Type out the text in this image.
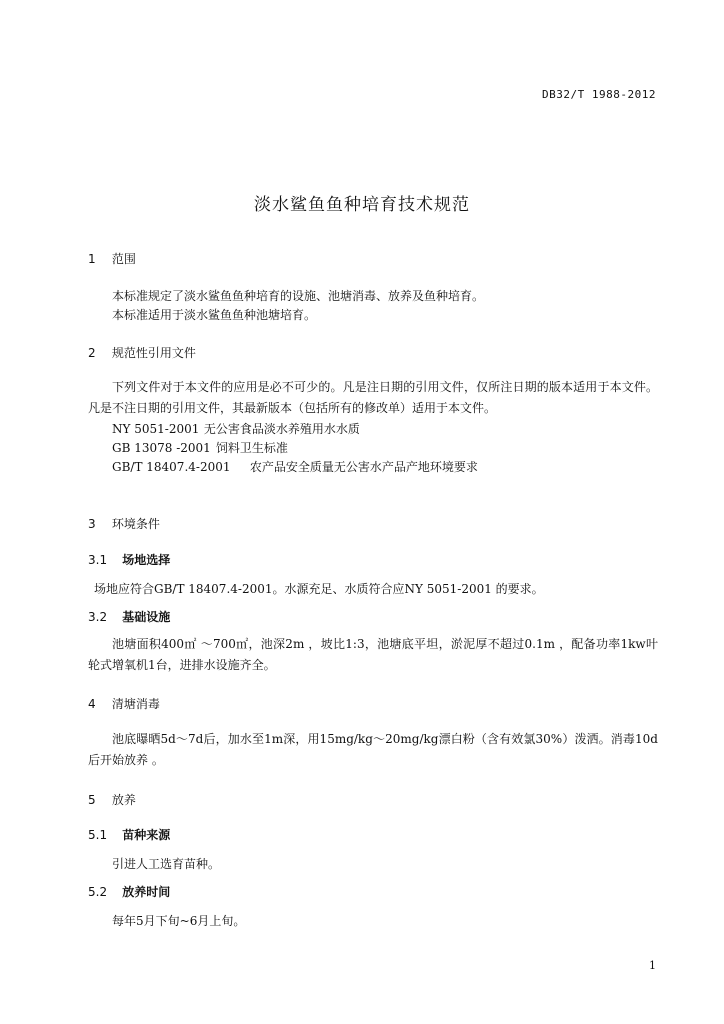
DB32/T 1988-2012
淡水鲨鱼鱼种培育技术规范
1 范围
本标准规定了淡水鲨鱼鱼种培育的设施、池塘消毒、放养及鱼种培育。
本标准适用于淡水鲨鱼鱼种池塘培育。
2 规范性引用文件
下列文件对于本文件的应用是必不可少的。凡是注日期的引用文件，仅所注日期的版本适用于本文件。凡是不注日期的引用文件，其最新版本（包括所有的修改单）适用于本文件。
NY 5051-2001 无公害食品淡水养殖用水水质
GB 13078 -2001 饲料卫生标准
GB/T 18407.4-2001 农产品安全质量无公害水产品产地环境要求
3 环境条件
3.1 场地选择
场地应符合GB/T 18407.4-2001。水源充足、水质符合应NY 5051-2001 的要求。
3.2 基础设施
池塘面积400㎡ ～700㎡，池深2m ，坡比1:3，池塘底平坦，淤泥厚不超过0.1m ，配备功率1kw叶轮式增氧机1台，进排水设施齐全。
4 清塘消毒
池底曝晒5d～7d后，加水至1m深，用15mg/kg～20mg/kg漂白粉（含有效氯30%）泼洒。消毒10d后开始放养 。
5 放养
5.1 苗种来源
引进人工选育苗种。
5.2 放养时间
每年5月下旬~6月上旬。
1
